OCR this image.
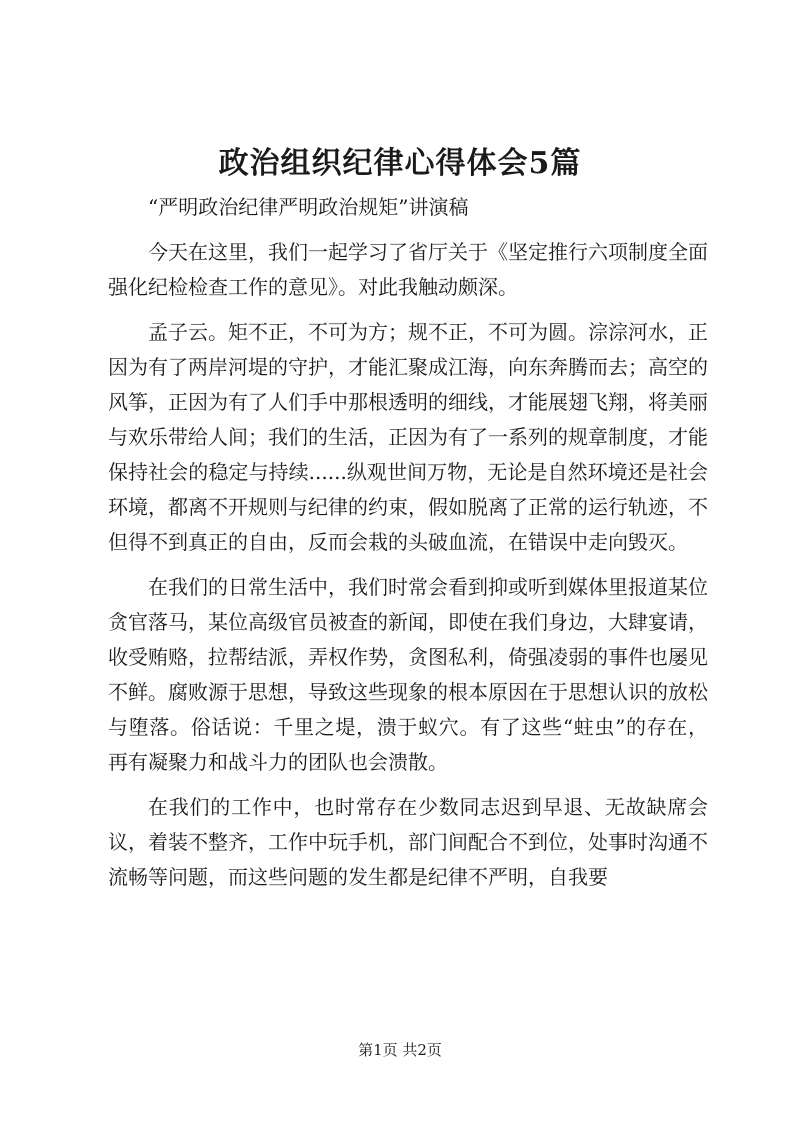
政治组织纪律心得体会5篇

“严明政治纪律严明政治规矩”讲演稿

今天在这里，我们一起学习了省厅关于《坚定推行六项制度全面强化纪检检查工作的意见》。对此我触动颇深。

孟子云。矩不正，不可为方；规不正，不可为圆。淙淙河水，正因为有了两岸河堤的守护，才能汇聚成江海，向东奔腾而去；高空的风筝，正因为有了人们手中那根透明的细线，才能展翅飞翔，将美丽与欢乐带给人间；我们的生活，正因为有了一系列的规章制度，才能保持社会的稳定与持续......纵观世间万物，无论是自然环境还是社会环境，都离不开规则与纪律的约束，假如脱离了正常的运行轨迹，不但得不到真正的自由，反而会栽的头破血流，在错误中走向毁灭。

在我们的日常生活中，我们时常会看到抑或听到媒体里报道某位贪官落马，某位高级官员被查的新闻，即使在我们身边，大肆宴请，收受贿赂，拉帮结派，弄权作势，贪图私利，倚强凌弱的事件也屡见不鲜。腐败源于思想，导致这些现象的根本原因在于思想认识的放松与堕落。俗话说：千里之堤，溃于蚁穴。有了这些“蛀虫”的存在，再有凝聚力和战斗力的团队也会溃散。

在我们的工作中，也时常存在少数同志迟到早退、无故缺席会议，着装不整齐，工作中玩手机，部门间配合不到位，处事时沟通不流畅等问题，而这些问题的发生都是纪律不严明，自我要

第1页 共2页
